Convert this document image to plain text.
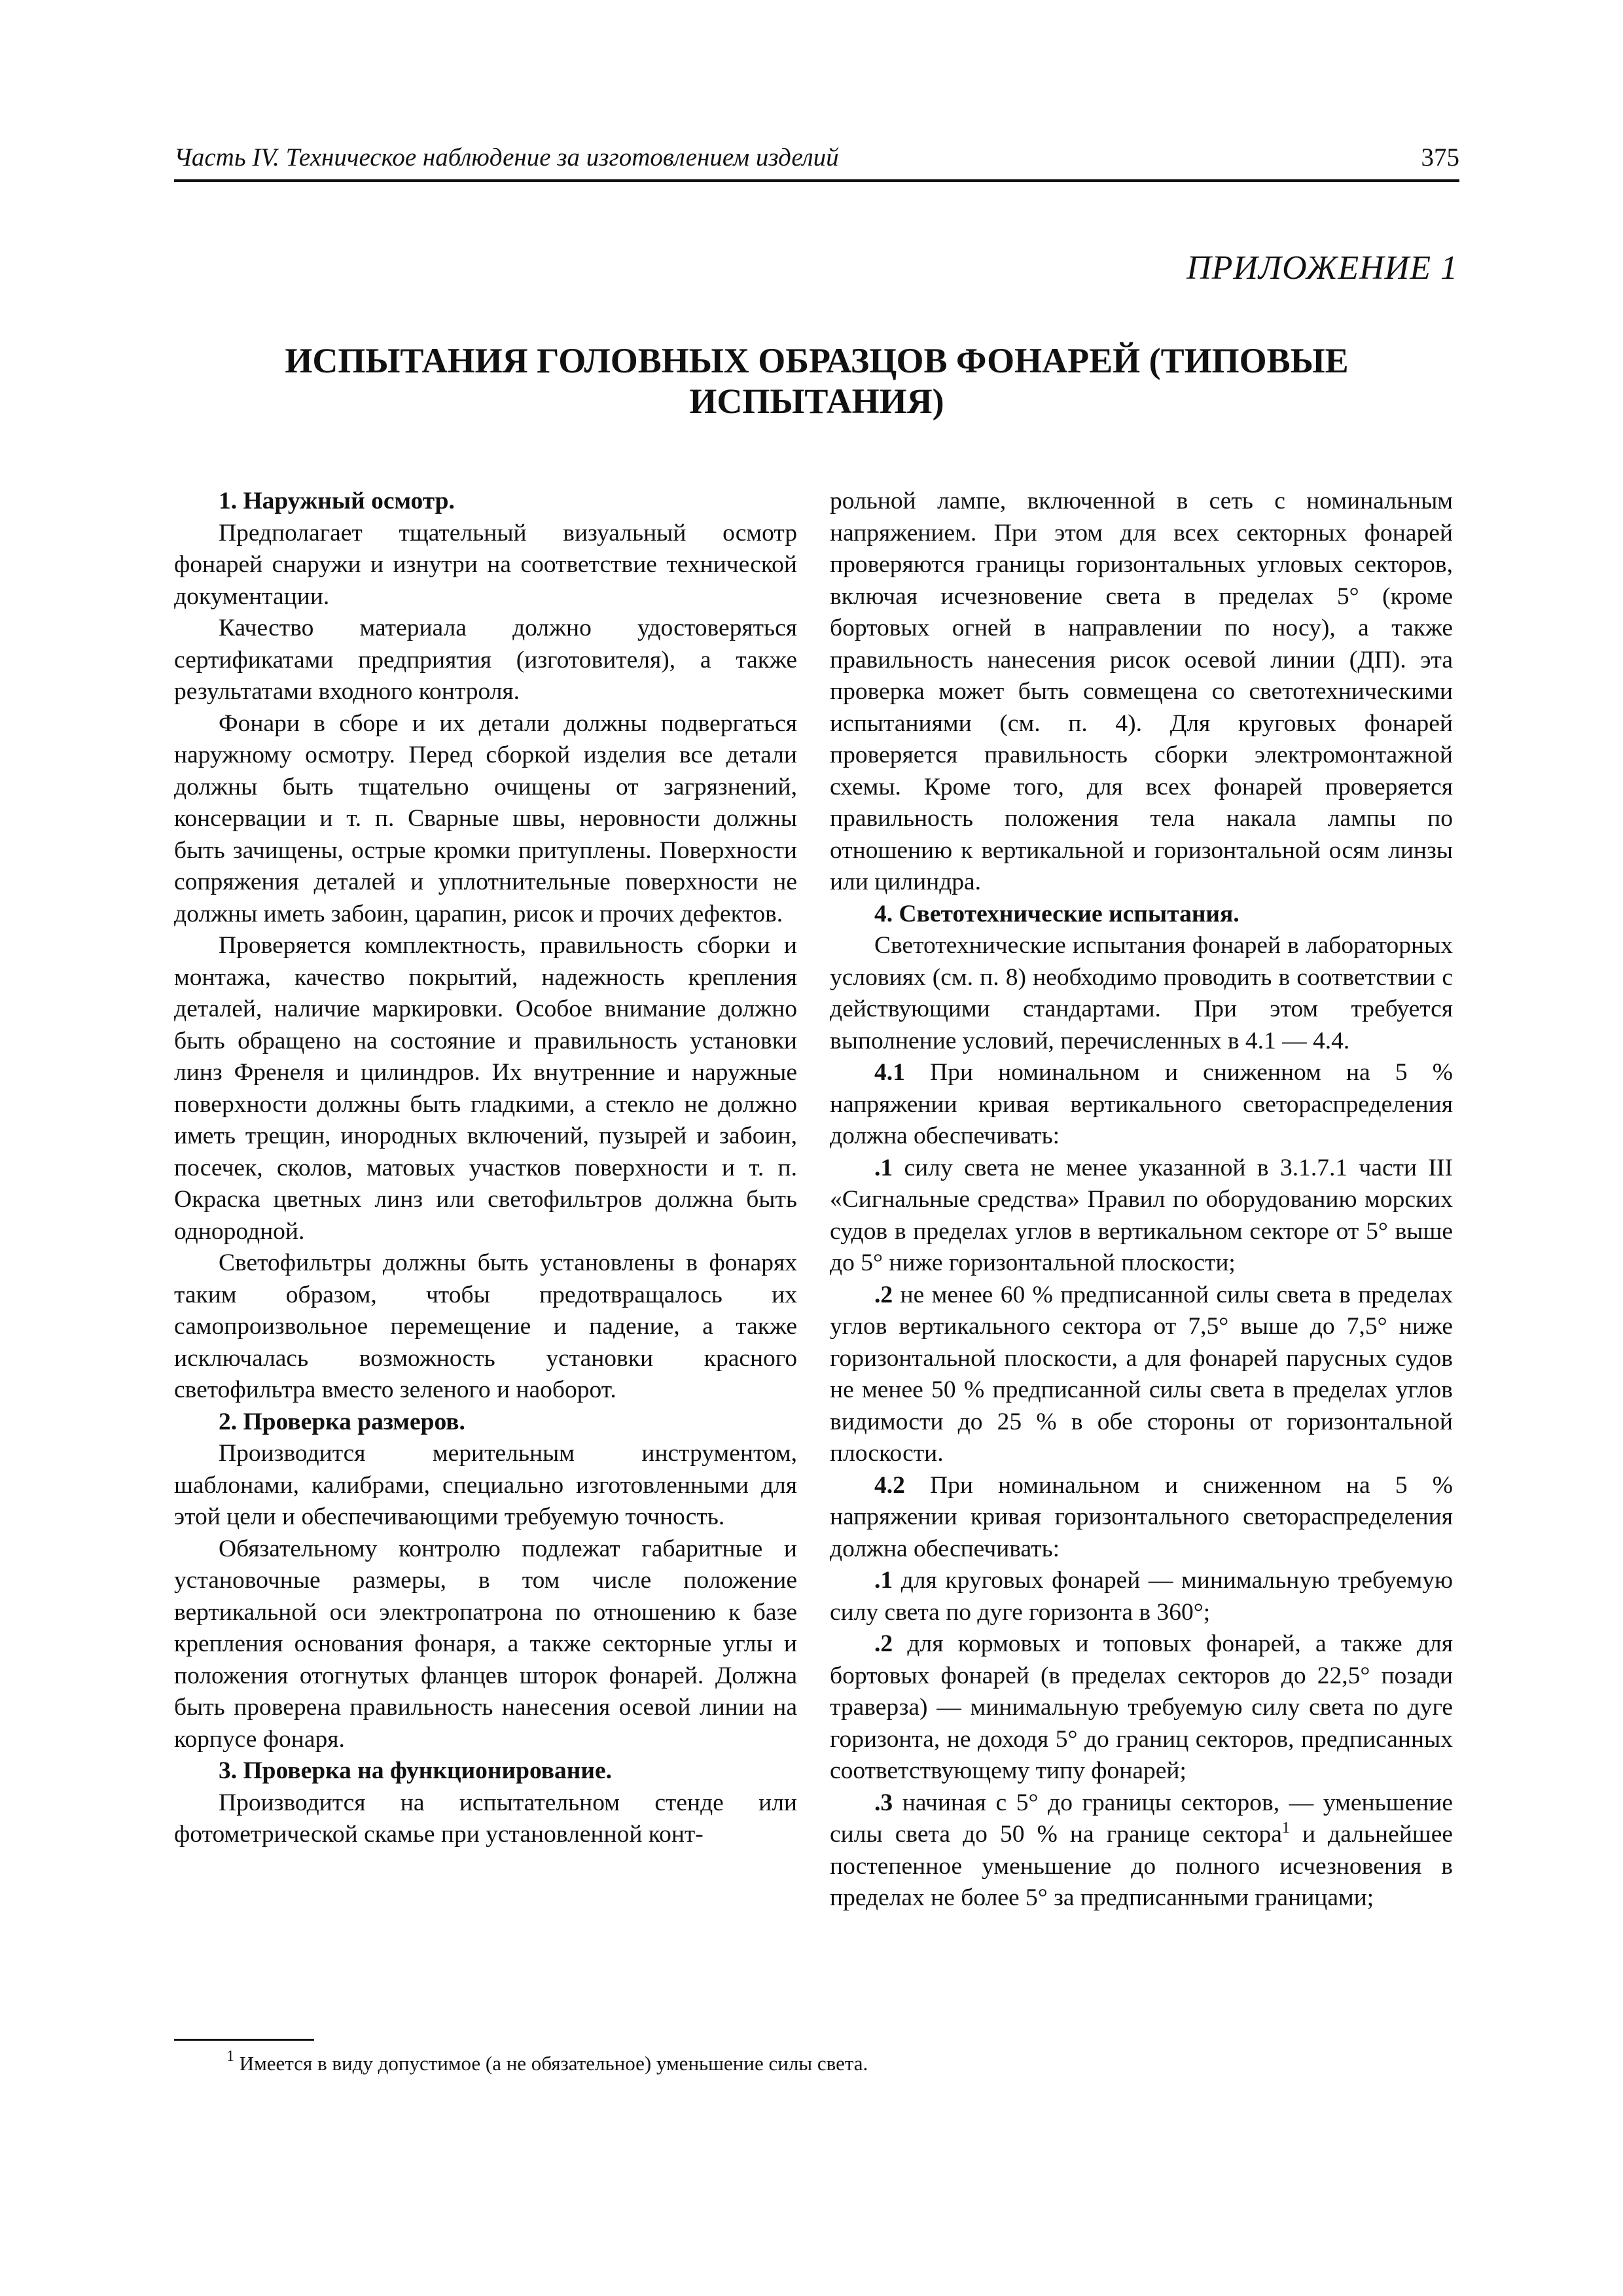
Часть IV. Техническое наблюдение за изготовлением изделий	375
ПРИЛОЖЕНИЕ 1
ИСПЫТАНИЯ ГОЛОВНЫХ ОБРАЗЦОВ ФОНАРЕЙ (ТИПОВЫЕ ИСПЫТАНИЯ)

1. Наружный осмотр.

Предполагает тщательный визуальный осмотр фонарей снаружи и изнутри на соответствие технической документации.

Качество материала должно удостоверяться сертификатами предприятия (изготовителя), а также результатами входного контроля.

Фонари в сборе и их детали должны подвергаться наружному осмотру. Перед сборкой изделия все детали должны быть тщательно очищены от загрязнений, консервации и т. п. Сварные швы, неровности должны быть зачищены, острые кромки притуплены. Поверхности сопряжения деталей и уплотнительные поверхности не должны иметь забоин, царапин, рисок и прочих дефектов.

Проверяется комплектность, правильность сборки и монтажа, качество покрытий, надежность крепления деталей, наличие маркировки. Особое внимание должно быть обращено на состояние и правильность установки линз Френеля и цилиндров. Их внутренние и наружные поверхности должны быть гладкими, а стекло не должно иметь трещин, инородных включений, пузырей и забоин, посечек, сколов, матовых участков поверхности и т. п. Окраска цветных линз или светофильтров должна быть однородной.

Светофильтры должны быть установлены в фонарях таким образом, чтобы предотвращалось их самопроизвольное перемещение и падение, а также исключалась возможность установки красного светофильтра вместо зеленого и наоборот.

2. Проверка размеров.

Производится мерительным инструментом, шаблонами, калибрами, специально изготовленными для этой цели и обеспечивающими требуемую точность.

Обязательному контролю подлежат габаритные и установочные размеры, в том числе положение вертикальной оси электропатрона по отношению к базе крепления основания фонаря, а также секторные углы и положения отогнутых фланцев шторок фонарей. Должна быть проверена правильность нанесения осевой линии на корпусе фонаря.

3. Проверка на функционирование.

Производится на испытательном стенде или фотометрической скамье при установленной конт-

рольной лампе, включенной в сеть с номинальным напряжением. При этом для всех секторных фонарей проверяются границы горизонтальных угловых секторов, включая исчезновение света в пределах 5° (кроме бортовых огней в направлении по носу), а также правильность нанесения рисок осевой линии (ДП). эта проверка может быть совмещена со светотехническими испытаниями (см. п. 4). Для круговых фонарей проверяется правильность сборки электромонтажной схемы. Кроме того, для всех фонарей проверяется правильность положения тела накала лампы по отношению к вертикальной и горизонтальной осям линзы или цилиндра.

4. Светотехнические испытания.

Светотехнические испытания фонарей в лабораторных условиях (см. п. 8) необходимо проводить в соответствии с действующими стандартами. При этом требуется выполнение условий, перечисленных в 4.1 — 4.4.

4.1 При номинальном и сниженном на 5 % напряжении кривая вертикального светораспределения должна обеспечивать:

.1 силу света не менее указанной в 3.1.7.1 части III «Сигнальные средства» Правил по оборудованию морских судов в пределах углов в вертикальном секторе от 5° выше до 5° ниже горизонтальной плоскости;

.2 не менее 60 % предписанной силы света в пределах углов вертикального сектора от 7,5° выше до 7,5° ниже горизонтальной плоскости, а для фонарей парусных судов не менее 50 % предписанной силы света в пределах углов видимости до 25 % в обе стороны от горизонтальной плоскости.

4.2 При номинальном и сниженном на 5 % напряжении кривая горизонтального светораспределения должна обеспечивать:

.1 для круговых фонарей — минимальную требуемую силу света по дуге горизонта в 360°;

.2 для кормовых и топовых фонарей, а также для бортовых фонарей (в пределах секторов до 22,5° позади траверза) — минимальную требуемую силу света по дуге горизонта, не доходя 5° до границ секторов, предписанных соответствующему типу фонарей;

.3 начиная с 5° до границы секторов, — уменьшение силы света до 50 % на границе сектора$^1$ и дальнейшее постепенное уменьшение до полного исчезновения в пределах не более 5° за предписанными границами;

$^1$ Имеется в виду допустимое (а не обязательное) уменьшение силы света.
